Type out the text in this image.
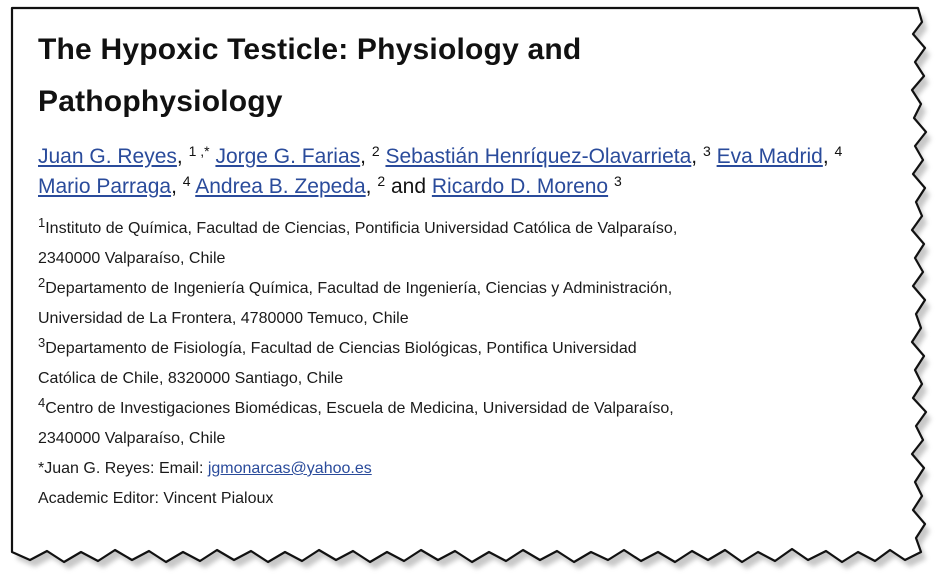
The Hypoxic Testicle: Physiology and Pathophysiology
Juan G. Reyes, $^{1 ,*}$ Jorge G. Farias, $^2$ Sebastián Henríquez-Olavarrieta, $^3$ Eva Madrid, $^4$ Mario Parraga, $^4$ Andrea B. Zepeda, $^2$ and Ricardo D. Moreno $^3$
$^1$Instituto de Química, Facultad de Ciencias, Pontificia Universidad Católica de Valparaíso,
2340000 Valparaíso, Chile
$^2$Departamento de Ingeniería Química, Facultad de Ingeniería, Ciencias y Administración,
Universidad de La Frontera, 4780000 Temuco, Chile
$^3$Departamento de Fisiología, Facultad de Ciencias Biológicas, Pontifica Universidad
Católica de Chile, 8320000 Santiago, Chile
$^4$Centro de Investigaciones Biomédicas, Escuela de Medicina, Universidad de Valparaíso,
2340000 Valparaíso, Chile
*Juan G. Reyes: Email: jgmonarcas@yahoo.es
Academic Editor: Vincent Pialoux
